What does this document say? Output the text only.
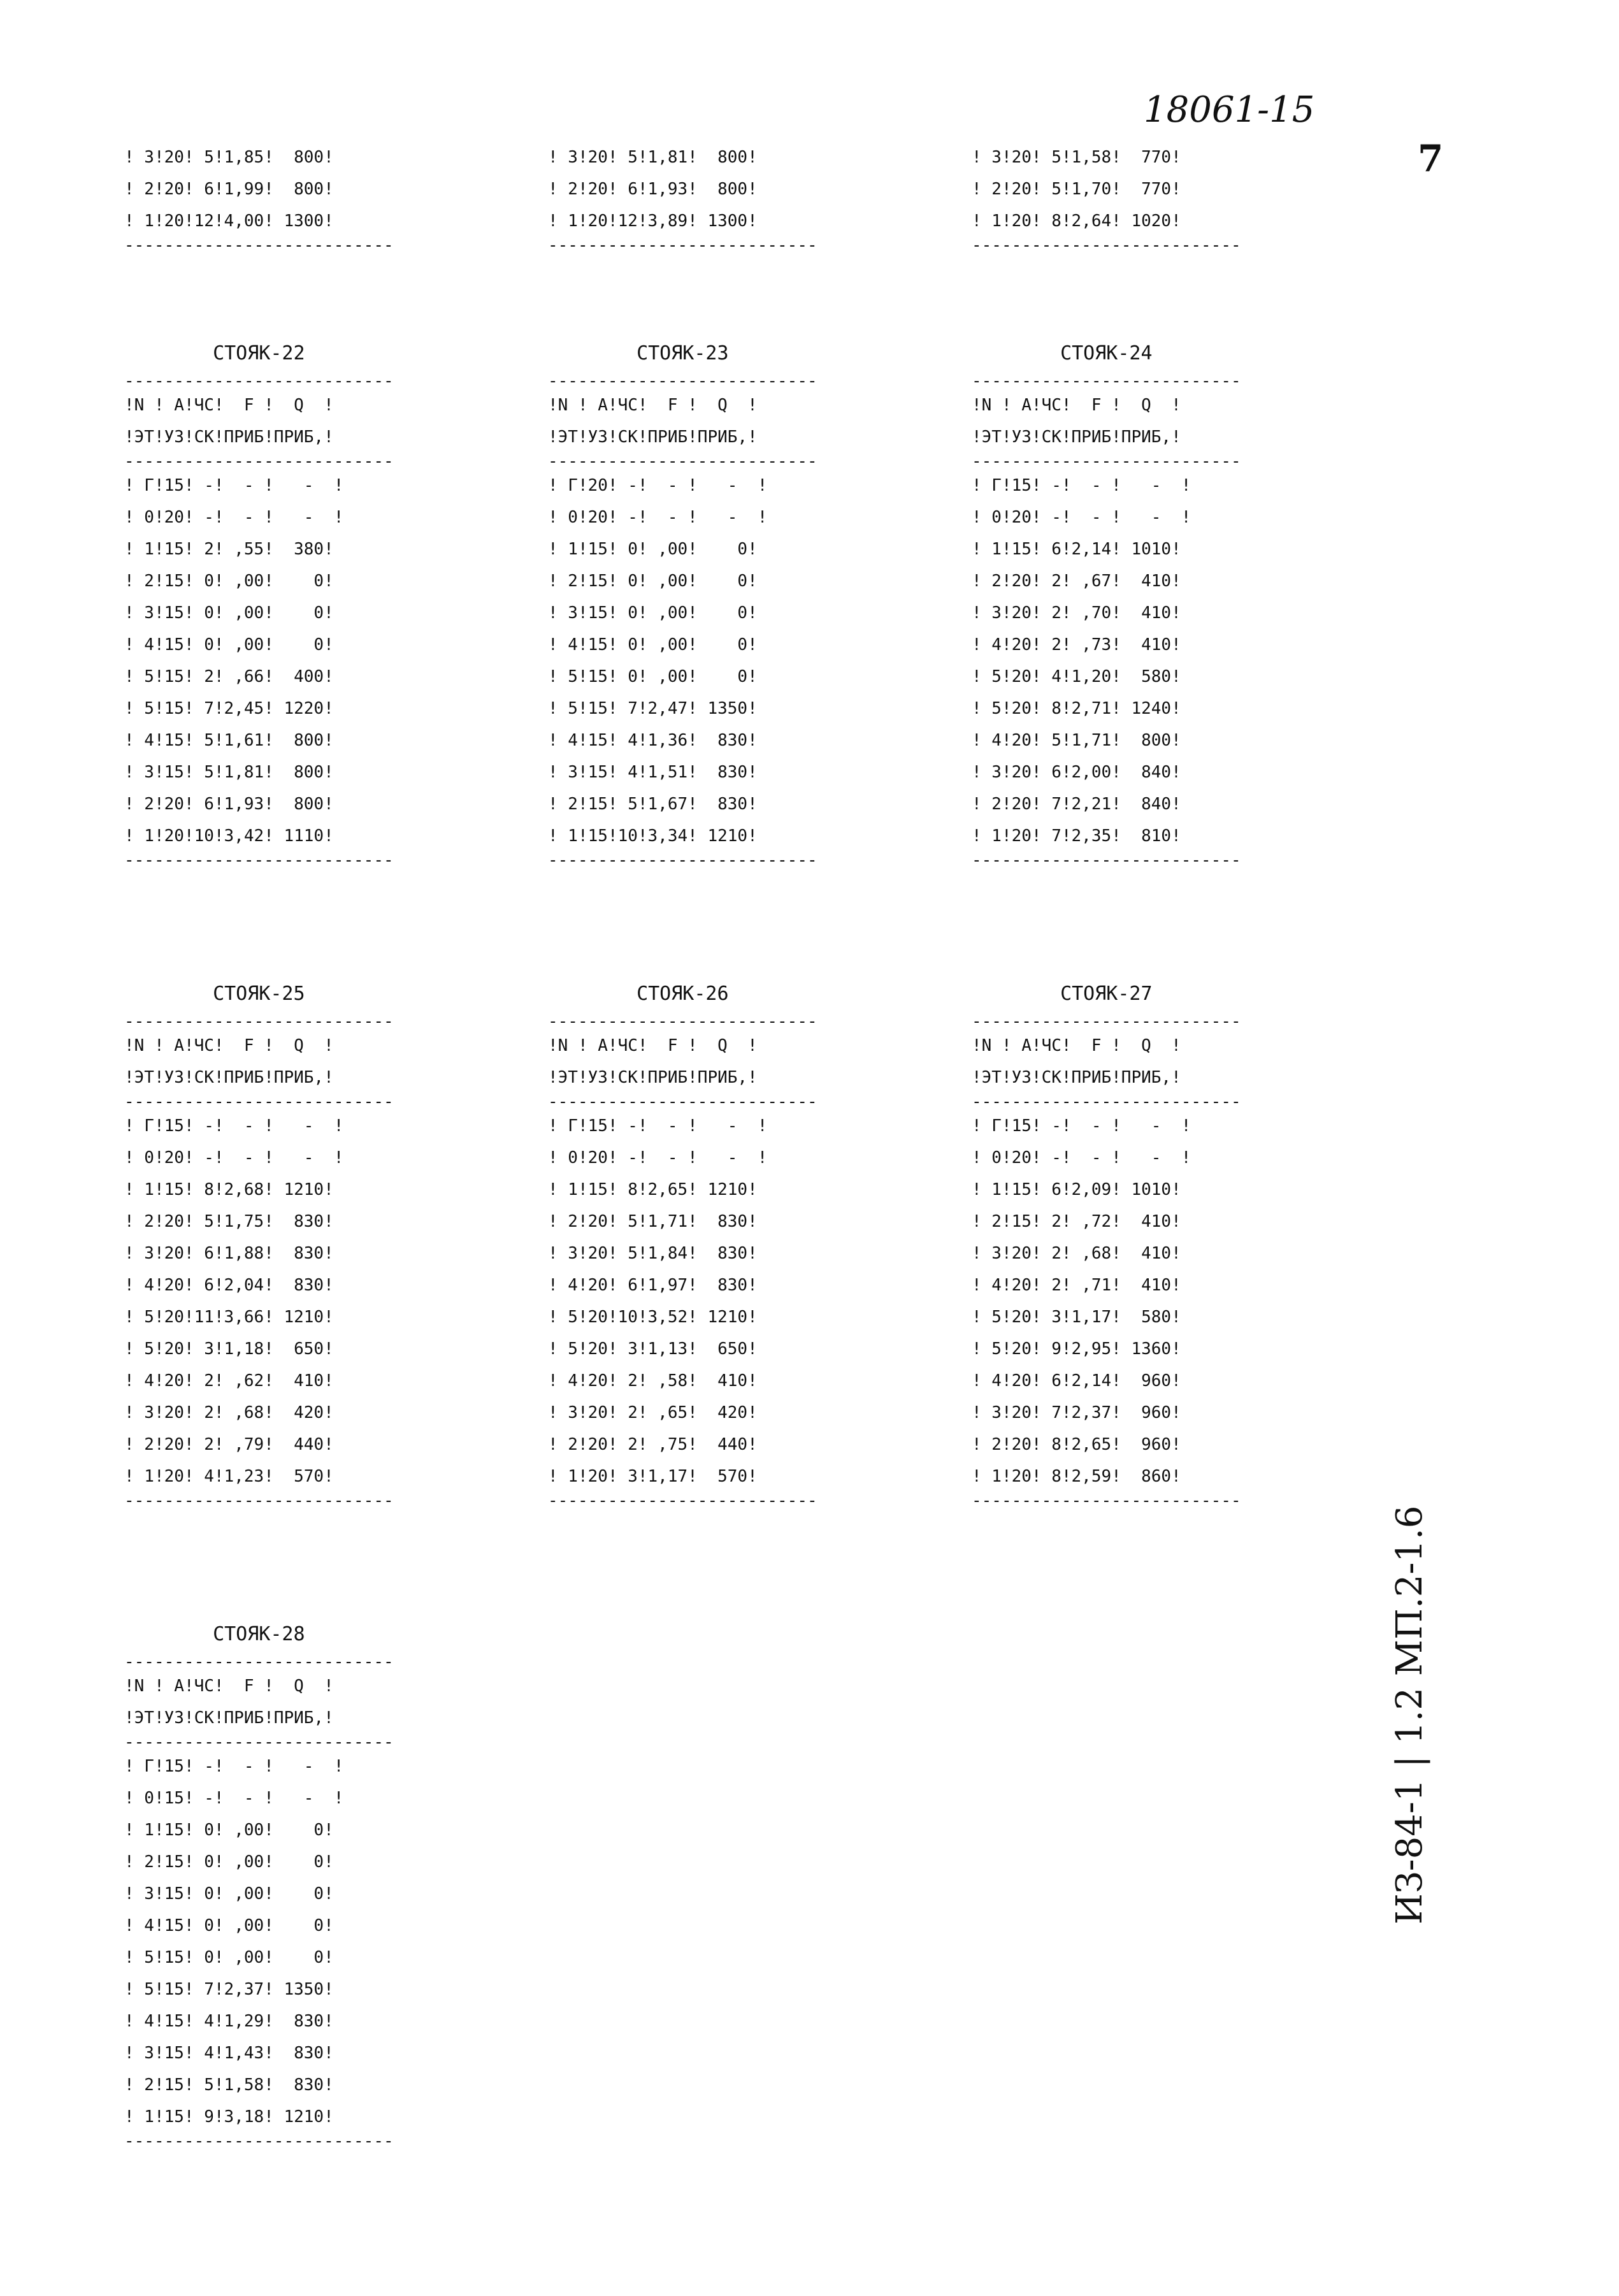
18061-15
7
ИЗ-84-1 | 1.2 МП.2-1.6
! 3!20! 5!1,85!  800!
! 2!20! 6!1,99!  800!
! 1!20!12!4,00! 1300!
---------------------------
! 3!20! 5!1,81!  800!
! 2!20! 6!1,93!  800!
! 1!20!12!3,89! 1300!
---------------------------
! 3!20! 5!1,58!  770!
! 2!20! 5!1,70!  770!
! 1!20! 8!2,64! 1020!
---------------------------
СТОЯК-22
---------------------------
!N ! А!ЧС!  F !  Q  !
!ЭТ!УЗ!СК!ПРИБ!ПРИБ,!
---------------------------
! Г!15! -!  - !   -  !
! 0!20! -!  - !   -  !
! 1!15! 2! ,55!  380!
! 2!15! 0! ,00!    0!
! 3!15! 0! ,00!    0!
! 4!15! 0! ,00!    0!
! 5!15! 2! ,66!  400!
! 5!15! 7!2,45! 1220!
! 4!15! 5!1,61!  800!
! 3!15! 5!1,81!  800!
! 2!20! 6!1,93!  800!
! 1!20!10!3,42! 1110!
---------------------------
СТОЯК-23
---------------------------
!N ! А!ЧС!  F !  Q  !
!ЭТ!УЗ!СК!ПРИБ!ПРИБ,!
---------------------------
! Г!20! -!  - !   -  !
! 0!20! -!  - !   -  !
! 1!15! 0! ,00!    0!
! 2!15! 0! ,00!    0!
! 3!15! 0! ,00!    0!
! 4!15! 0! ,00!    0!
! 5!15! 0! ,00!    0!
! 5!15! 7!2,47! 1350!
! 4!15! 4!1,36!  830!
! 3!15! 4!1,51!  830!
! 2!15! 5!1,67!  830!
! 1!15!10!3,34! 1210!
---------------------------
СТОЯК-24
---------------------------
!N ! А!ЧС!  F !  Q  !
!ЭТ!УЗ!СК!ПРИБ!ПРИБ,!
---------------------------
! Г!15! -!  - !   -  !
! 0!20! -!  - !   -  !
! 1!15! 6!2,14! 1010!
! 2!20! 2! ,67!  410!
! 3!20! 2! ,70!  410!
! 4!20! 2! ,73!  410!
! 5!20! 4!1,20!  580!
! 5!20! 8!2,71! 1240!
! 4!20! 5!1,71!  800!
! 3!20! 6!2,00!  840!
! 2!20! 7!2,21!  840!
! 1!20! 7!2,35!  810!
---------------------------
СТОЯК-25
---------------------------
!N ! А!ЧС!  F !  Q  !
!ЭТ!УЗ!СК!ПРИБ!ПРИБ,!
---------------------------
! Г!15! -!  - !   -  !
! 0!20! -!  - !   -  !
! 1!15! 8!2,68! 1210!
! 2!20! 5!1,75!  830!
! 3!20! 6!1,88!  830!
! 4!20! 6!2,04!  830!
! 5!20!11!3,66! 1210!
! 5!20! 3!1,18!  650!
! 4!20! 2! ,62!  410!
! 3!20! 2! ,68!  420!
! 2!20! 2! ,79!  440!
! 1!20! 4!1,23!  570!
---------------------------
СТОЯК-26
---------------------------
!N ! А!ЧС!  F !  Q  !
!ЭТ!УЗ!СК!ПРИБ!ПРИБ,!
---------------------------
! Г!15! -!  - !   -  !
! 0!20! -!  - !   -  !
! 1!15! 8!2,65! 1210!
! 2!20! 5!1,71!  830!
! 3!20! 5!1,84!  830!
! 4!20! 6!1,97!  830!
! 5!20!10!3,52! 1210!
! 5!20! 3!1,13!  650!
! 4!20! 2! ,58!  410!
! 3!20! 2! ,65!  420!
! 2!20! 2! ,75!  440!
! 1!20! 3!1,17!  570!
---------------------------
СТОЯК-27
---------------------------
!N ! А!ЧС!  F !  Q  !
!ЭТ!УЗ!СК!ПРИБ!ПРИБ,!
---------------------------
! Г!15! -!  - !   -  !
! 0!20! -!  - !   -  !
! 1!15! 6!2,09! 1010!
! 2!15! 2! ,72!  410!
! 3!20! 2! ,68!  410!
! 4!20! 2! ,71!  410!
! 5!20! 3!1,17!  580!
! 5!20! 9!2,95! 1360!
! 4!20! 6!2,14!  960!
! 3!20! 7!2,37!  960!
! 2!20! 8!2,65!  960!
! 1!20! 8!2,59!  860!
---------------------------
СТОЯК-28
---------------------------
!N ! А!ЧС!  F !  Q  !
!ЭТ!УЗ!СК!ПРИБ!ПРИБ,!
---------------------------
! Г!15! -!  - !   -  !
! 0!15! -!  - !   -  !
! 1!15! 0! ,00!    0!
! 2!15! 0! ,00!    0!
! 3!15! 0! ,00!    0!
! 4!15! 0! ,00!    0!
! 5!15! 0! ,00!    0!
! 5!15! 7!2,37! 1350!
! 4!15! 4!1,29!  830!
! 3!15! 4!1,43!  830!
! 2!15! 5!1,58!  830!
! 1!15! 9!3,18! 1210!
---------------------------
